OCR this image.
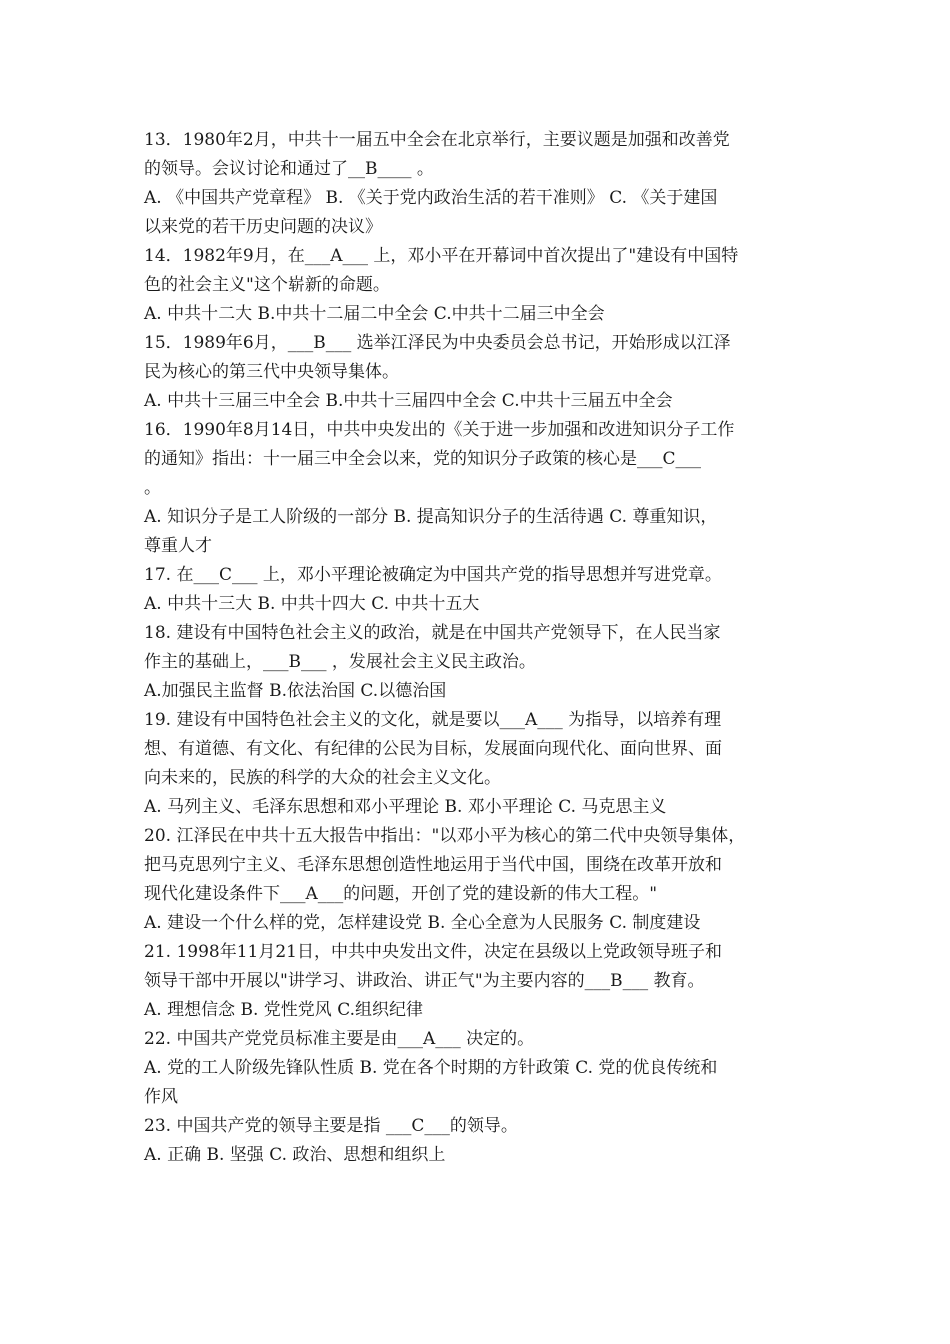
13．1980年2月，中共十一届五中全会在北京举行，主要议题是加强和改善党
的领导。会议讨论和通过了__B____ 。
A. 《中国共产党章程》 B. 《关于党内政治生活的若干准则》 C. 《关于建国
以来党的若干历史问题的决议》
14．1982年9月，在___A___ 上，邓小平在开幕词中首次提出了"建设有中国特
色的社会主义"这个崭新的命题。
A. 中共十二大 B.中共十二届二中全会 C.中共十二届三中全会
15．1989年6月，___B___ 选举江泽民为中央委员会总书记，开始形成以江泽
民为核心的第三代中央领导集体。
A. 中共十三届三中全会 B.中共十三届四中全会 C.中共十三届五中全会
16．1990年8月14日，中共中央发出的《关于进一步加强和改进知识分子工作
的通知》指出：十一届三中全会以来，党的知识分子政策的核心是___C___
。
A. 知识分子是工人阶级的一部分 B. 提高知识分子的生活待遇 C. 尊重知识，
尊重人才
17. 在___C___ 上，邓小平理论被确定为中国共产党的指导思想并写进党章。
A. 中共十三大 B. 中共十四大 C. 中共十五大
18. 建设有中国特色社会主义的政治，就是在中国共产党领导下，在人民当家
作主的基础上，___B___ ，发展社会主义民主政治。
A.加强民主监督 B.依法治国 C.以德治国
19. 建设有中国特色社会主义的文化，就是要以___A___ 为指导，以培养有理
想、有道德、有文化、有纪律的公民为目标，发展面向现代化、面向世界、面
向未来的，民族的科学的大众的社会主义文化。
A. 马列主义、毛泽东思想和邓小平理论 B. 邓小平理论 C. 马克思主义
20. 江泽民在中共十五大报告中指出："以邓小平为核心的第二代中央领导集体，
把马克思列宁主义、毛泽东思想创造性地运用于当代中国，围绕在改革开放和
现代化建设条件下___A___的问题，开创了党的建设新的伟大工程。"
A. 建设一个什么样的党，怎样建设党 B. 全心全意为人民服务 C. 制度建设
21. 1998年11月21日，中共中央发出文件，决定在县级以上党政领导班子和
领导干部中开展以"讲学习、讲政治、讲正气"为主要内容的___B___ 教育。
A. 理想信念 B. 党性党风 C.组织纪律
22. 中国共产党党员标准主要是由___A___ 决定的。
A. 党的工人阶级先锋队性质 B. 党在各个时期的方针政策 C. 党的优良传统和
作风
23. 中国共产党的领导主要是指 ___C___的领导。
A. 正确 B. 坚强 C. 政治、思想和组织上
